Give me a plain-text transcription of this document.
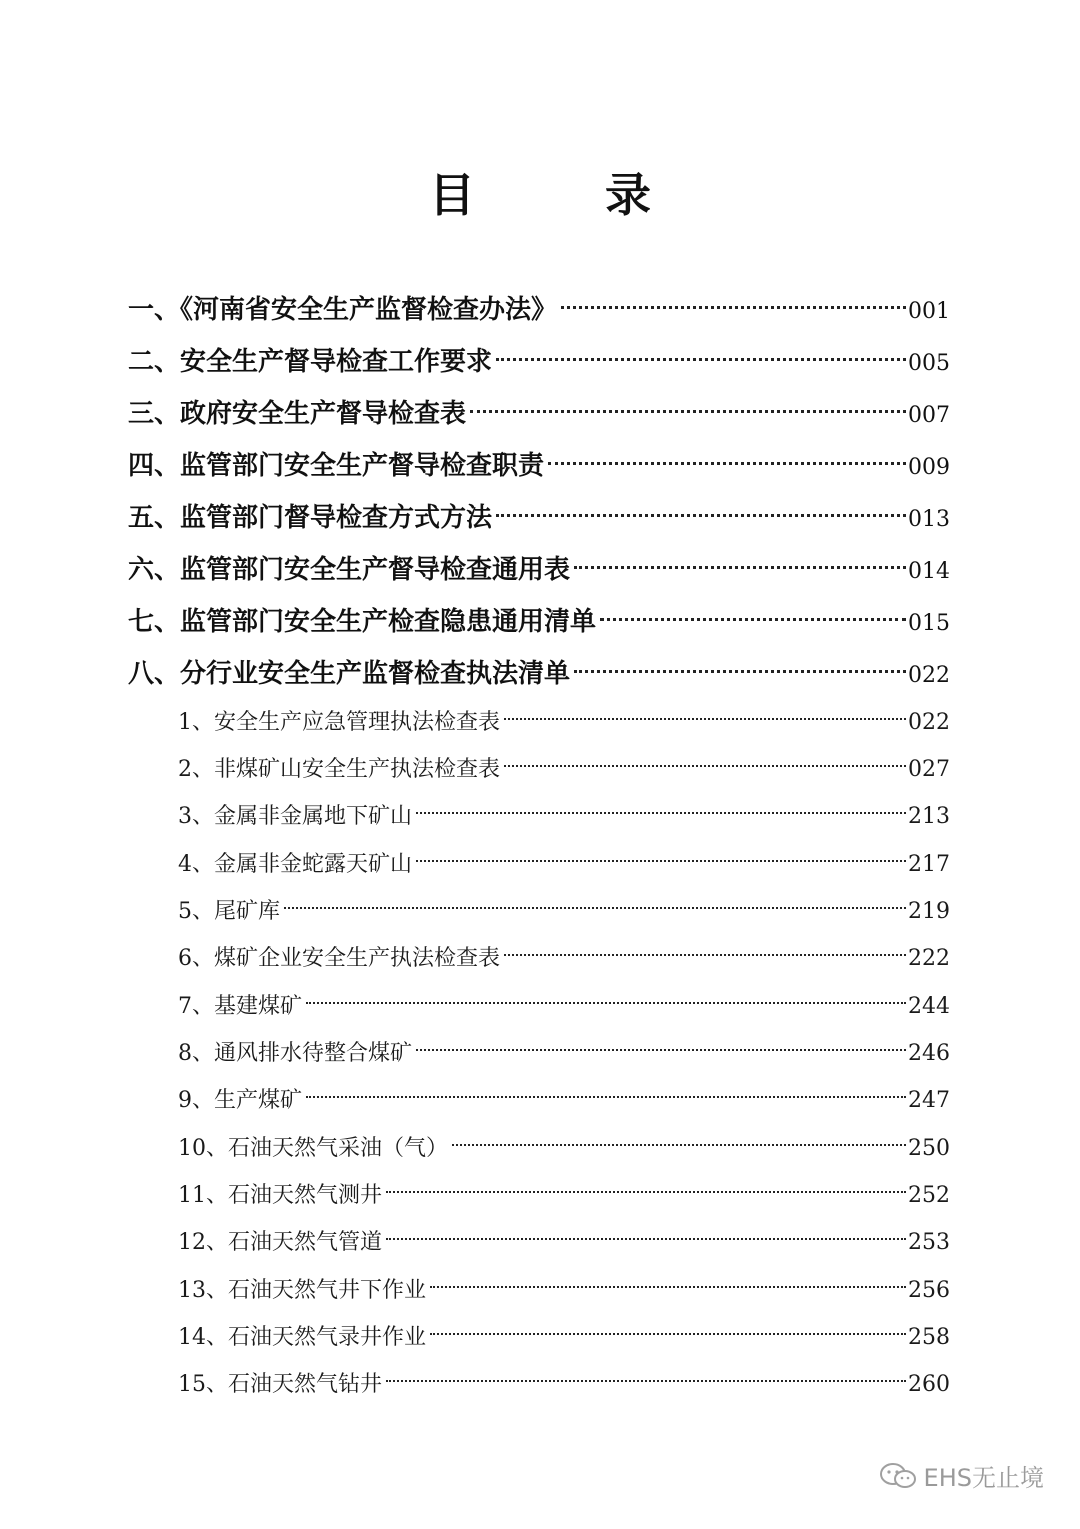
目　录
一、《河南省安全生产监督检查办法》	001
二、安全生产督导检查工作要求	005
三、政府安全生产督导检查表	007
四、监管部门安全生产督导检查职责	009
五、监管部门督导检查方式方法	013
六、监管部门安全生产督导检查通用表	014
七、监管部门安全生产检查隐患通用清单	015
八、分行业安全生产监督检查执法清单	022
1、安全生产应急管理执法检查表	022
2、非煤矿山安全生产执法检查表	027
3、金属非金属地下矿山	213
4、金属非金蛇露天矿山	217
5、尾矿库	219
6、煤矿企业安全生产执法检查表	222
7、基建煤矿	244
8、通风排水待整合煤矿	246
9、生产煤矿	247
10、石油天然气采油（气）	250
11、石油天然气测井	252
12、石油天然气管道	253
13、石油天然气井下作业	256
14、石油天然气录井作业	258
15、石油天然气钻井	260
EHS无止境
